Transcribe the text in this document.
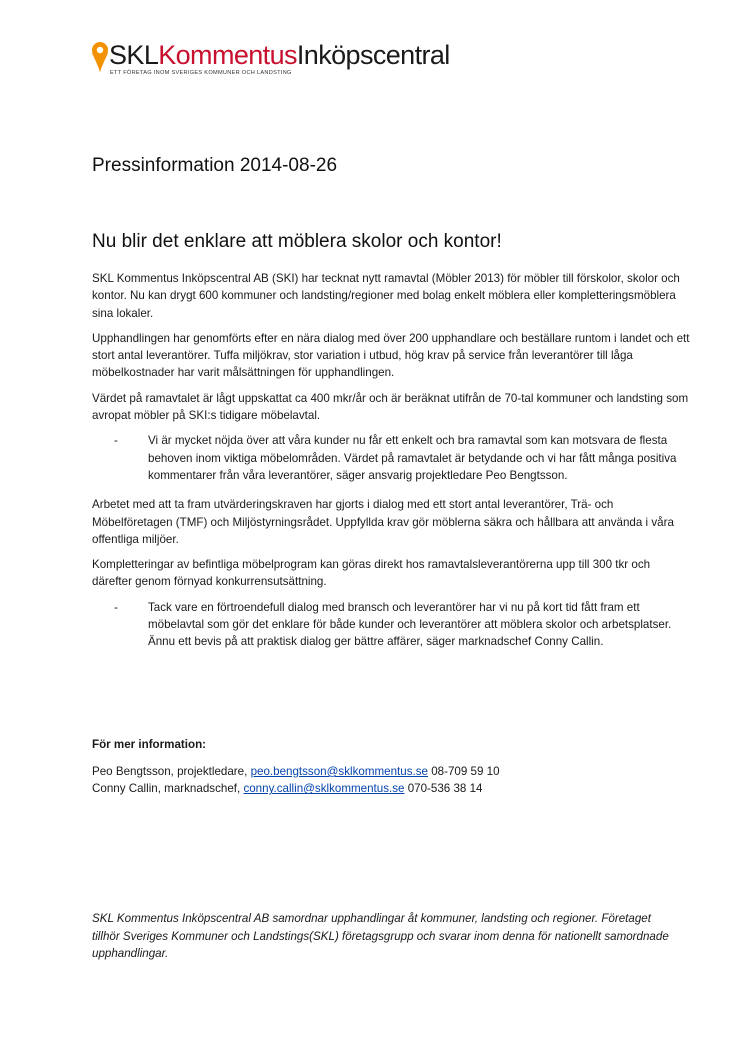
SKLKommentusInköpscentral
ETT FÖRETAG INOM SVERIGES KOMMUNER OCH LANDSTING
Pressinformation 2014-08-26
Nu blir det enklare att möblera skolor och kontor!

SKL Kommentus Inköpscentral AB (SKI) har tecknat nytt ramavtal (Möbler 2013) för möbler till förskolor, skolor och kontor. Nu kan drygt 600 kommuner och landsting/regioner med bolag enkelt möblera eller kompletteringsmöblera sina lokaler.

Upphandlingen har genomförts efter en nära dialog med över 200 upphandlare och beställare runtom i landet och ett stort antal leverantörer. Tuffa miljökrav, stor variation i utbud, hög krav på service från leverantörer till låga möbelkostnader har varit målsättningen för upphandlingen.

Värdet på ramavtalet är lågt uppskattat ca 400 mkr/år och är beräknat utifrån de 70-tal kommuner och landsting som avropat möbler på SKI:s tidigare möbelavtal.

-	Vi är mycket nöjda över att våra kunder nu får ett enkelt och bra ramavtal som kan motsvara de flesta behoven inom viktiga möbelområden. Värdet på ramavtalet är betydande och vi har fått många positiva kommentarer från våra leverantörer, säger ansvarig projektledare Peo Bengtsson.

Arbetet med att ta fram utvärderingskraven har gjorts i dialog med ett stort antal leverantörer, Trä- och Möbelföretagen (TMF) och Miljöstyrningsrådet. Uppfyllda krav gör möblerna säkra och hållbara att använda i våra offentliga miljöer.

Kompletteringar av befintliga möbelprogram kan göras direkt hos ramavtalsleverantörerna upp till 300 tkr och därefter genom förnyad konkurrensutsättning.

-	Tack vare en förtroendefull dialog med bransch och leverantörer har vi nu på kort tid fått fram ett möbelavtal som gör det enklare för både kunder och leverantörer att möblera skolor och arbetsplatser. Ännu ett bevis på att praktisk dialog ger bättre affärer, säger marknadschef Conny Callin.
För mer information:
Peo Bengtsson, projektledare, peo.bengtsson@sklkommentus.se 08-709 59 10
Conny Callin, marknadschef, conny.callin@sklkommentus.se 070-536 38 14
SKL Kommentus Inköpscentral AB samordnar upphandlingar åt kommuner, landsting och regioner. Företaget tillhör Sveriges Kommuner och Landstings(SKL) företagsgrupp och svarar inom denna för nationellt samordnade upphandlingar.
